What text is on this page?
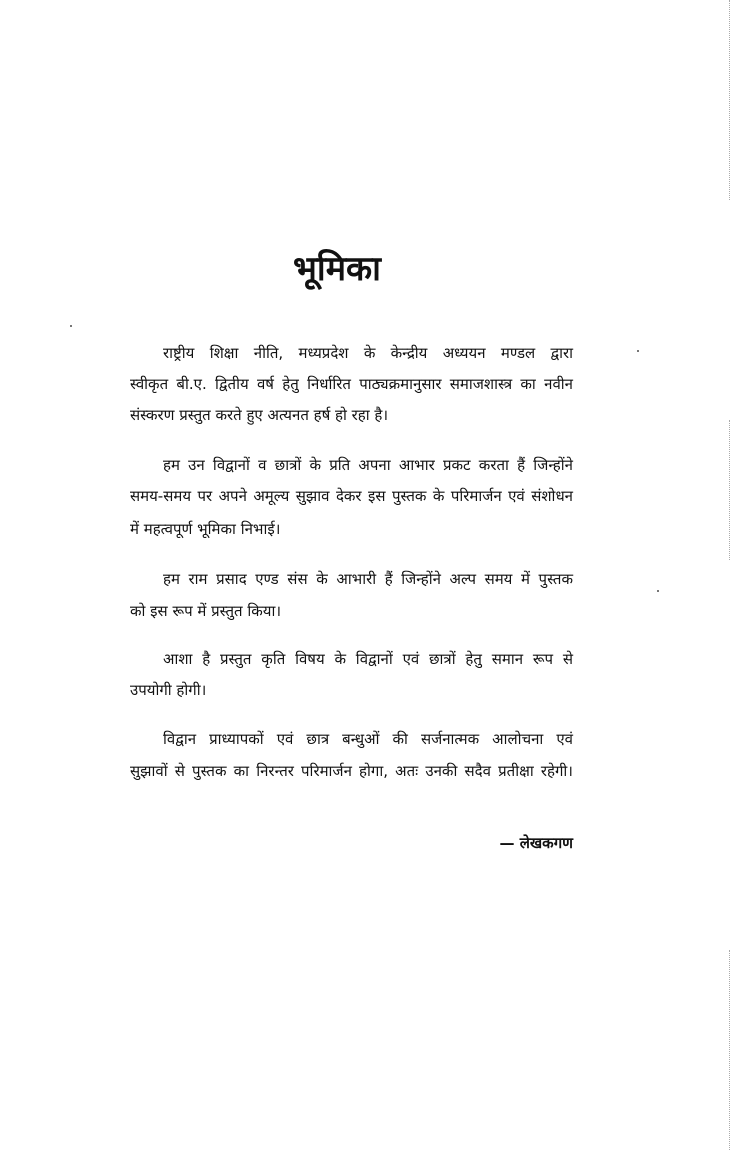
भूमिका
राष्ट्रीय शिक्षा नीति, मध्यप्रदेश के केन्द्रीय अध्ययन मण्डल द्वारा
स्वीकृत बी.ए. द्वितीय वर्ष हेतु निर्धारित पाठ्यक्रमानुसार समाजशास्त्र का नवीन
संस्करण प्रस्तुत करते हुए अत्यनत हर्ष हो रहा है।
हम उन विद्वानों व छात्रों के प्रति अपना आभार प्रकट करता हैं जिन्होंने
समय-समय पर अपने अमूल्य सुझाव देकर इस पुस्तक के परिमार्जन एवं संशोधन
में महत्वपूर्ण भूमिका निभाई।
हम राम प्रसाद एण्ड संस के आभारी हैं जिन्होंने अल्प समय में पुस्तक
को इस रूप में प्रस्तुत किया।
आशा है प्रस्तुत कृति विषय के विद्वानों एवं छात्रों हेतु समान रूप से
उपयोगी होगी।
विद्वान प्राध्यापकों एवं छात्र बन्धुओं की सर्जनात्मक आलोचना एवं
सुझावों से पुस्तक का निरन्तर परिमार्जन होगा, अतः उनकी सदैव प्रतीक्षा रहेगी।
— लेखकगण
